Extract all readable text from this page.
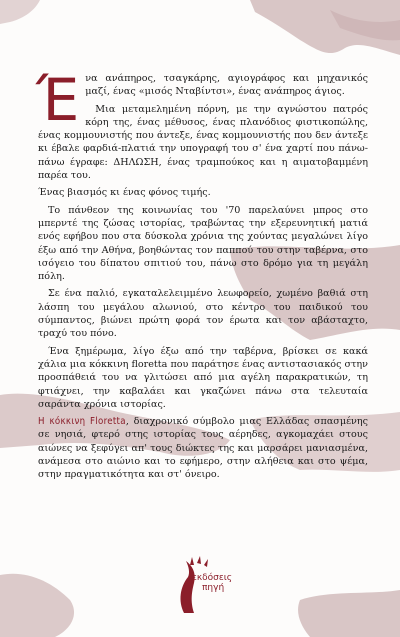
Ένα ανάπηρος, τσαγκάρης, αγιογράφος και μηχανικός μαζί, ένας «μισός Νταβίντσι», ένας ανάπηρος άγιος.

Μια μεταμελημένη πόρνη, με την αγνώστου πατρός κόρη της, ένας μέθυσος, ένας πλανόδιος φιστικοπώλης, ένας κομμουνιστής που άντεξε, ένας κομμουνιστής που δεν άντεξε κι έβαλε φαρδιά-πλατιά την υπογραφή του σ' ένα χαρτί που πάνω-πάνω έγραφε: ΔΗΛΩΣΗ, ένας τραμπούκος και η αιματοβαμμένη παρέα του.

Ένας βιασμός κι ένας φόνος τιμής.

Το πάνθεον της κοινωνίας του '70 παρελαύνει μπρος στο μπερντέ της ζώσας ιστορίας, τραβώντας την εξερευνητική ματιά ενός εφήβου που στα δύσκολα χρόνια της χούντας μεγαλώνει λίγο έξω από την Αθήνα, βοηθώντας τον παππού του στην ταβέρνα, στο ισόγειο του δίπατου σπιτιού του, πάνω στο δρόμο για τη μεγάλη πόλη.

Σε ένα παλιό, εγκαταλελειμμένο λεωφορείο, χωμένο βαθιά στη λάσπη του μεγάλου αλωνιού, στο κέντρο του παιδικού του σύμπαντος, βιώνει πρώτη φορά τον έρωτα και τον αβάσταχτο, τραχύ του πόνο.

Ένα ξημέρωμα, λίγο έξω από την ταβέρνα, βρίσκει σε κακά χάλια μια κόκκινη floretta που παράτησε ένας αντιστασιακός στην προσπάθειά του να γλιτώσει από μια αγέλη παρακρατικών, τη φτιάχνει, την καβαλάει και γκαζώνει πάνω στα τελευταία σαράντα χρόνια ιστορίας.

Η κόκκινη Floretta, διαχρονικό σύμβολο μιας Ελλάδας σπασμένης σε νησιά, φτερό στης ιστορίας τους αέρηδες, αγκομαχάει στους αιώνες να ξεφύγει απ' τους διώκτες της και μαρσάρει μανιασμένα, ανάμεσα στο αιώνιο και το εφήμερο, στην αλήθεια και στο ψέμα, στην πραγματικότητα και στ' όνειρο.

εκδόσεις
πηγή
